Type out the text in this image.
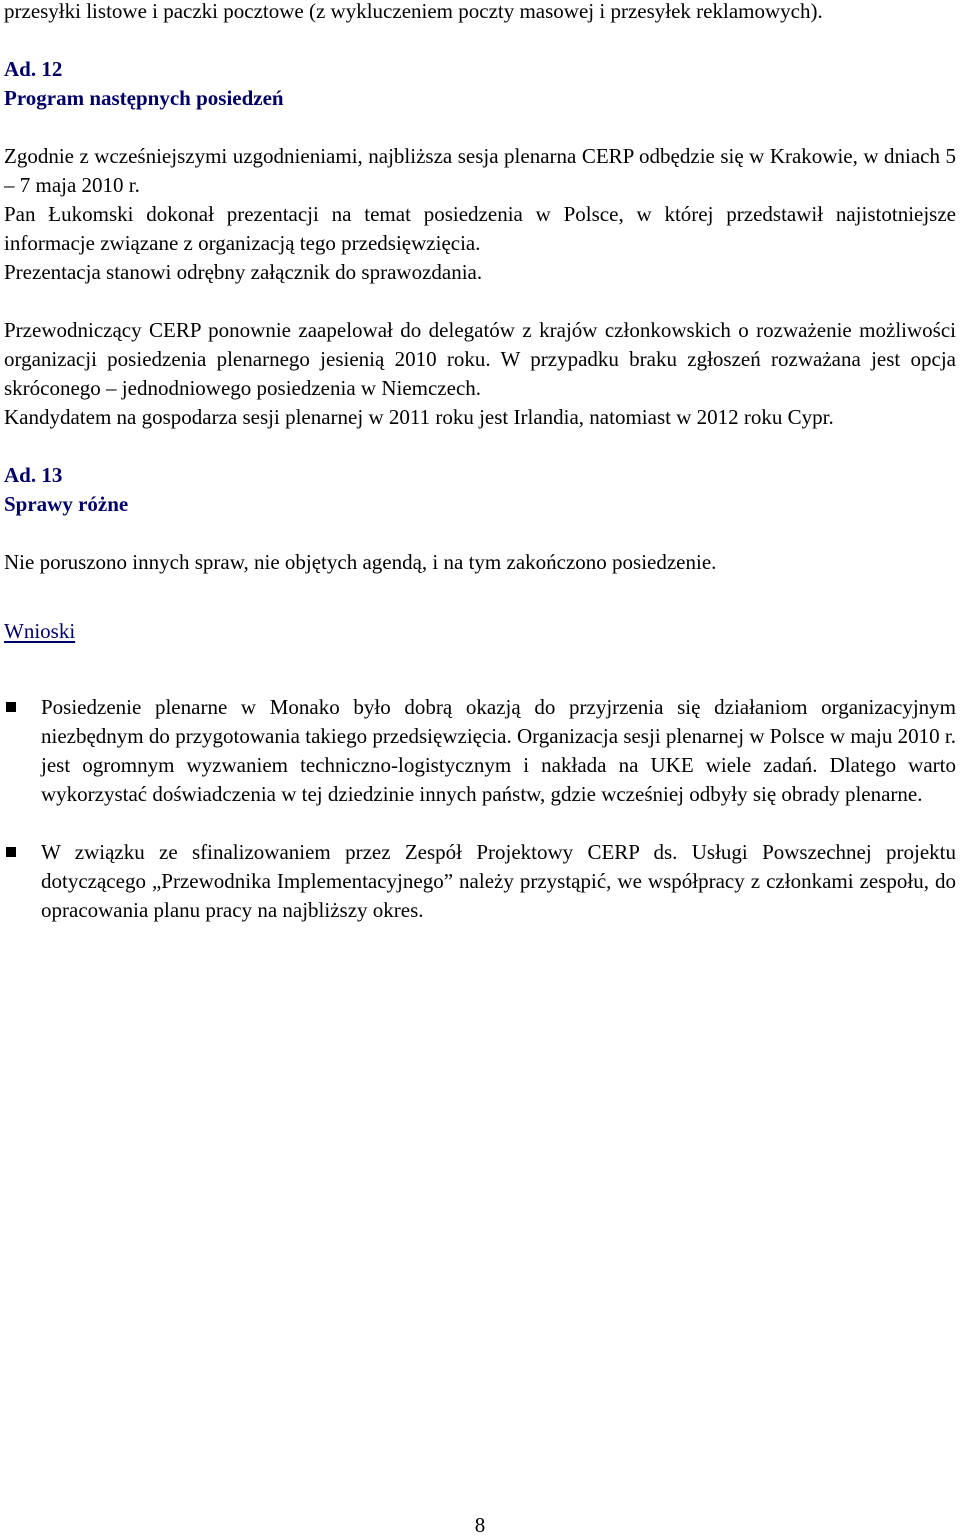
przesyłki listowe i paczki pocztowe (z wykluczeniem poczty masowej i przesyłek reklamowych).

Ad. 12

Program następnych posiedzeń

Zgodnie z wcześniejszymi uzgodnieniami, najbliższa sesja plenarna CERP odbędzie się w Krakowie, w dniach 5 – 7 maja 2010 r.

Pan Łukomski dokonał prezentacji na temat posiedzenia w Polsce, w której przedstawił najistotniejsze informacje związane z organizacją tego przedsięwzięcia.

Prezentacja stanowi odrębny załącznik do sprawozdania.

Przewodniczący CERP ponownie zaapelował do delegatów z krajów członkowskich o rozważenie możliwości organizacji posiedzenia plenarnego jesienią 2010 roku. W przypadku braku zgłoszeń rozważana jest opcja skróconego – jednodniowego posiedzenia w Niemczech.

Kandydatem na gospodarza sesji plenarnej w 2011 roku jest Irlandia, natomiast w 2012 roku Cypr.

Ad. 13

Sprawy różne

Nie poruszono innych spraw, nie objętych agendą, i na tym zakończono posiedzenie.

Wnioski

Posiedzenie plenarne w Monako było dobrą okazją do przyjrzenia się działaniom organizacyjnym niezbędnym do przygotowania takiego przedsięwzięcia. Organizacja sesji plenarnej w Polsce w maju 2010 r. jest ogromnym wyzwaniem techniczno-logistycznym i nakłada na UKE wiele zadań. Dlatego warto wykorzystać doświadczenia w tej dziedzinie innych państw, gdzie wcześniej odbyły się obrady plenarne.

W związku ze sfinalizowaniem przez Zespół Projektowy CERP ds. Usługi Powszechnej projektu dotyczącego „Przewodnika Implementacyjnego” należy przystąpić, we współpracy z członkami zespołu, do opracowania planu pracy na najbliższy okres.

8
